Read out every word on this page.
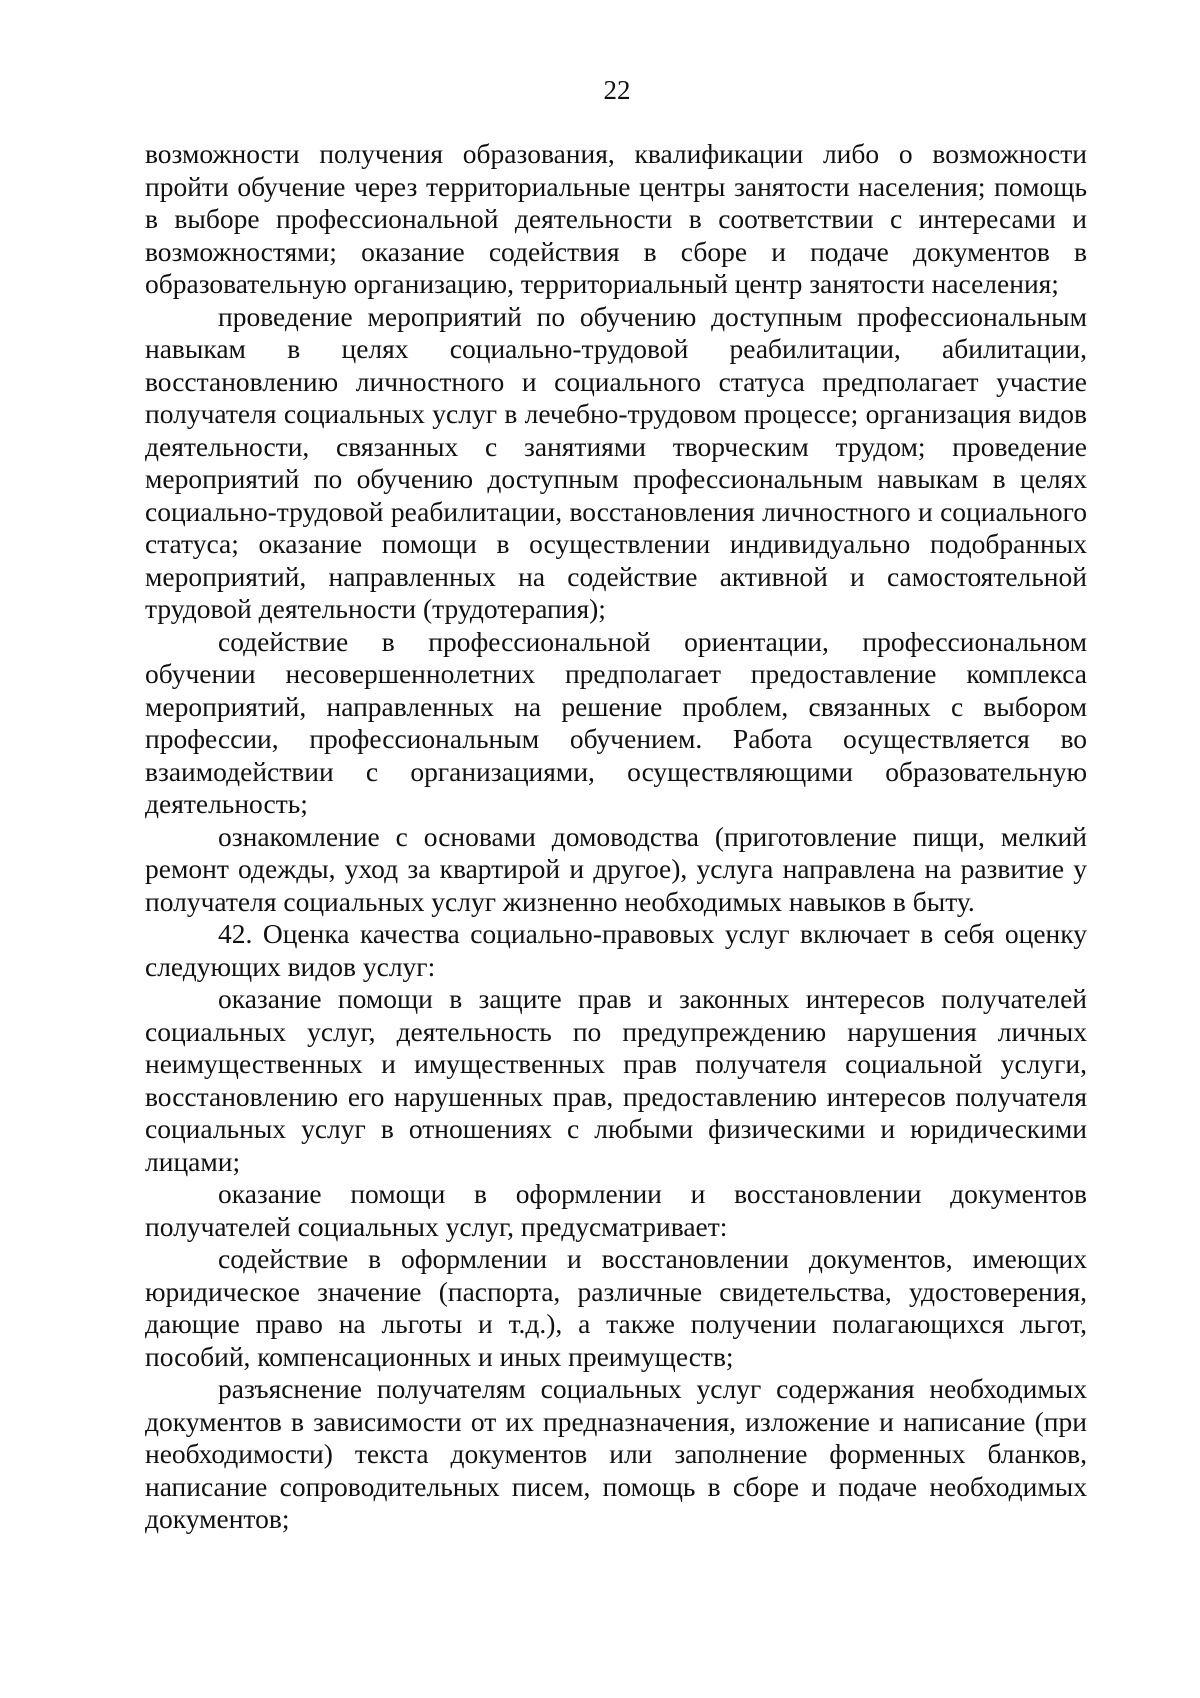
22

возможности получения образования, квалификации либо о возможности пройти обучение через территориальные центры занятости населения; помощь в выборе профессиональной деятельности в соответствии с интересами и возможностями; оказание содействия в сборе и подаче документов в образовательную организацию, территориальный центр занятости населения;

проведение мероприятий по обучению доступным профессиональным навыкам в целях социально-трудовой реабилитации, абилитации, восстановлению личностного и социального статуса предполагает участие получателя социальных услуг в лечебно-трудовом процессе; организация видов деятельности, связанных с занятиями творческим трудом; проведение мероприятий по обучению доступным профессиональным навыкам в целях социально-трудовой реабилитации, восстановления личностного и социального статуса; оказание помощи в осуществлении индивидуально подобранных мероприятий, направленных на содействие активной и самостоятельной трудовой деятельности (трудотерапия);

содействие в профессиональной ориентации, профессиональном обучении несовершеннолетних предполагает предоставление комплекса мероприятий, направленных на решение проблем, связанных с выбором профессии, профессиональным обучением. Работа осуществляется во взаимодействии с организациями, осуществляющими образовательную деятельность;

ознакомление с основами домоводства (приготовление пищи, мелкий ремонт одежды, уход за квартирой и другое), услуга направлена на развитие у получателя социальных услуг жизненно необходимых навыков в быту.

42. Оценка качества социально-правовых услуг включает в себя оценку следующих видов услуг:

оказание помощи в защите прав и законных интересов получателей социальных услуг, деятельность по предупреждению нарушения личных неимущественных и имущественных прав получателя социальной услуги, восстановлению его нарушенных прав, предоставлению интересов получателя социальных услуг в отношениях с любыми физическими и юридическими лицами;

оказание помощи в оформлении и восстановлении документов получателей социальных услуг, предусматривает:

содействие в оформлении и восстановлении документов, имеющих юридическое значение (паспорта, различные свидетельства, удостоверения, дающие право на льготы и т.д.), а также получении полагающихся льгот, пособий, компенсационных и иных преимуществ;

разъяснение получателям социальных услуг содержания необходимых документов в зависимости от их предназначения, изложение и написание (при необходимости) текста документов или заполнение форменных бланков, написание сопроводительных писем, помощь в сборе и подаче необходимых документов;
